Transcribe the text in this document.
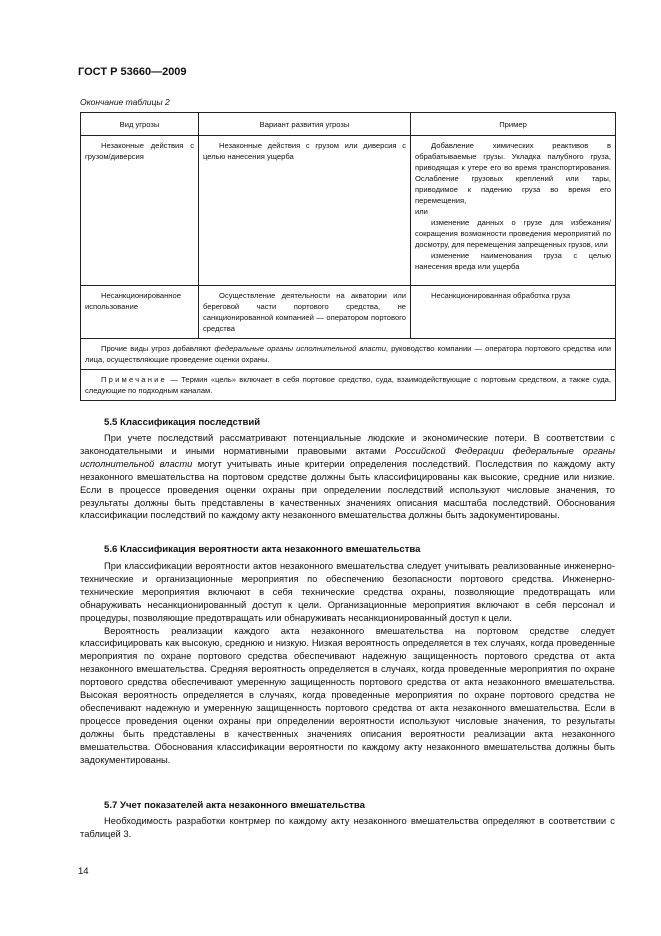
ГОСТ Р 53660—2009
Окончание таблицы 2
Вид угрозы	Вариант развития угрозы	Пример
Незаконные действия с грузом/диверсия	Незаконные действия с грузом или диверсия с целью нанесения ущерба	Добавление химических реактивов в обрабатываемые грузы. Укладка палубного груза, приводящая к утере его во время транспортирования. Ослабление грузовых креплений или тары, приводимое к падению груза во время его перемещения,

или

изменение данных о грузе для избежания/сокращения возможности проведения мероприятий по досмотру, для перемещения запрещенных грузов, или

изменение наименования груза с целью нанесения вреда или ущерба

Несанкционированное использование	Осуществление деятельности на акватории или береговой части портового средства, не санкционированной компанией — оператором портового средства	Несанкционированная обработка груза
Прочие виды угроз добавляют федеральные органы исполнительной власти, руководство компании — оператора портового средства или лица, осуществляющие проведение оценки охраны.		
Примечание — Термин «цель» включает в себя портовое средство, суда, взаимодействующие с портовым средством, а также суда, следующие по подходным каналам.		
5.5 Классификация последствий

При учете последствий рассматривают потенциальные людские и экономические потери. В соответствии с законодательными и иными нормативными правовыми актами Российской Федерации федеральные органы исполнительной власти могут учитывать иные критерии определения последствий. Последствия по каждому акту незаконного вмешательства на портовом средстве должны быть классифицированы как высокие, средние или низкие. Если в процессе проведения оценки охраны при определении последствий используют числовые значения, то результаты должны быть представлены в качественных значениях описания масштаба последствий. Обоснования классификации последствий по каждому акту незаконного вмешательства должны быть задокументированы.

5.6 Классификация вероятности акта незаконного вмешательства

При классификации вероятности актов незаконного вмешательства следует учитывать реализованные инженерно-технические и организационные мероприятия по обеспечению безопасности портового средства. Инженерно-технические мероприятия включают в себя технические средства охраны, позволяющие предотвращать или обнаруживать несанкционированный доступ к цели. Организационные мероприятия включают в себя персонал и процедуры, позволяющие предотвращать или обнаруживать несанкционированный доступ к цели.

Вероятность реализации каждого акта незаконного вмешательства на портовом средстве следует классифицировать как высокую, среднюю и низкую. Низкая вероятность определяется в тех случаях, когда проведенные мероприятия по охране портового средства обеспечивают надежную защищенность портового средства от акта незаконного вмешательства. Средняя вероятность определяется в случаях, когда проведенные мероприятия по охране портового средства обеспечивают умеренную защищенность портового средства от акта незаконного вмешательства. Высокая вероятность определяется в случаях, когда проведенные мероприятия по охране портового средства не обеспечивают надежную и умеренную защищенность портового средства от акта незаконного вмешательства. Если в процессе проведения оценки охраны при определении вероятности используют числовые значения, то результаты должны быть представлены в качественных значениях описания вероятности реализации акта незаконного вмешательства. Обоснования классификации вероятности по каждому акту незаконного вмешательства должны быть задокументированы.

5.7 Учет показателей акта незаконного вмешательства

Необходимость разработки контрмер по каждому акту незаконного вмешательства определяют в соответствии с таблицей 3.

14
